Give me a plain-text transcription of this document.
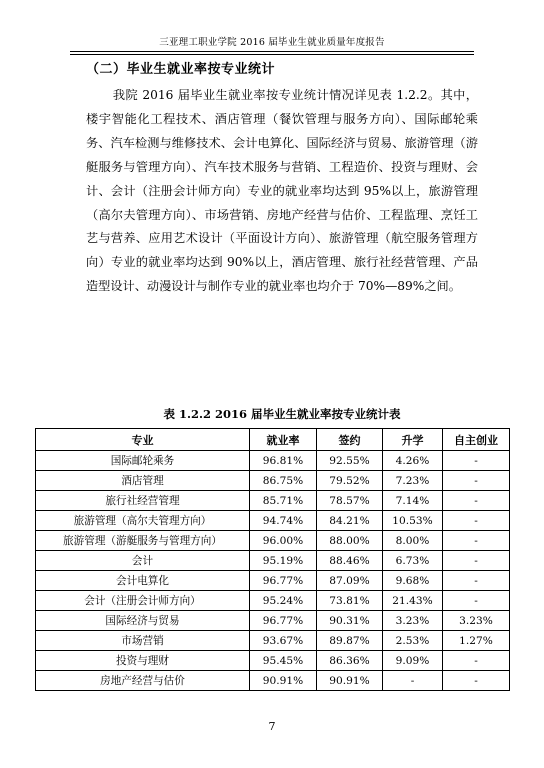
三亚理工职业学院 2016 届毕业生就业质量年度报告
（二）毕业生就业率按专业统计

我院 2016 届毕业生就业率按专业统计情况详见表 1.2.2。其中，楼宇智能化工程技术、酒店管理（餐饮管理与服务方向）、国际邮轮乘务、汽车检测与维修技术、会计电算化、国际经济与贸易、旅游管理（游艇服务与管理方向）、汽车技术服务与营销、工程造价、投资与理财、会计、会计（注册会计师方向）专业的就业率均达到 95%以上，旅游管理（高尔夫管理方向）、市场营销、房地产经营与估价、工程监理、烹饪工艺与营养、应用艺术设计（平面设计方向）、旅游管理（航空服务管理方向）专业的就业率均达到 90%以上，酒店管理、旅行社经营管理、产品造型设计、动漫设计与制作专业的就业率也均介于 70%—89%之间。

表 1.2.2 2016 届毕业生就业率按专业统计表
专业	就业率	签约	升学	自主创业
国际邮轮乘务	96.81%	92.55%	4.26%	-
酒店管理	86.75%	79.52%	7.23%	-
旅行社经营管理	85.71%	78.57%	7.14%	-
旅游管理（高尔夫管理方向）	94.74%	84.21%	10.53%	-
旅游管理（游艇服务与管理方向）	96.00%	88.00%	8.00%	-
会计	95.19%	88.46%	6.73%	-
会计电算化	96.77%	87.09%	9.68%	-
会计（注册会计师方向）	95.24%	73.81%	21.43%	-
国际经济与贸易	96.77%	90.31%	3.23%	3.23%
市场营销	93.67%	89.87%	2.53%	1.27%
投资与理财	95.45%	86.36%	9.09%	-
房地产经营与估价	90.91%	90.91%	-	-
7
